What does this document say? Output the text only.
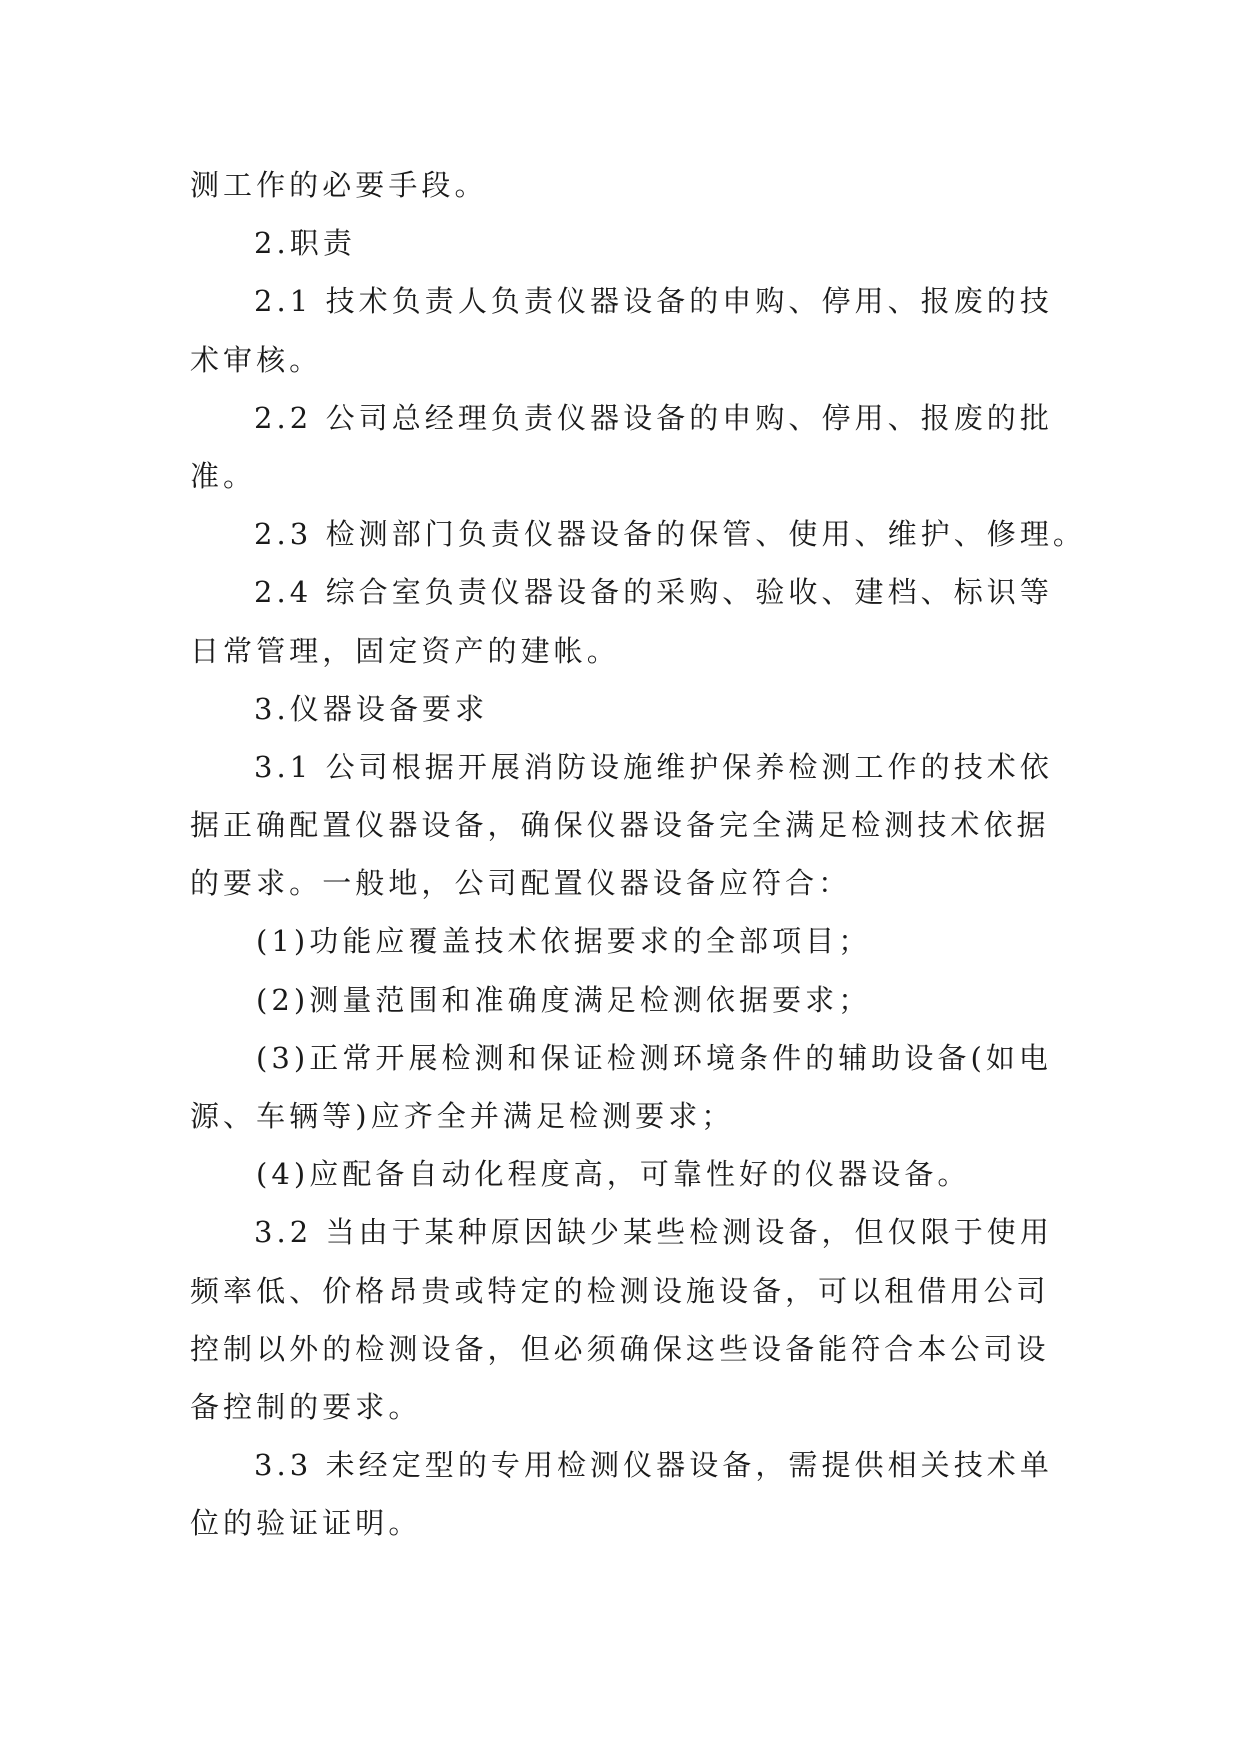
测工作的必要手段。
2.职责
2.1 技术负责人负责仪器设备的申购、停用、报废的技
术审核。
2.2 公司总经理负责仪器设备的申购、停用、报废的批
准。
2.3 检测部门负责仪器设备的保管、使用、维护、修理。
2.4 综合室负责仪器设备的采购、验收、建档、标识等
日常管理，固定资产的建帐。
3.仪器设备要求
3.1 公司根据开展消防设施维护保养检测工作的技术依
据正确配置仪器设备，确保仪器设备完全满足检测技术依据
的要求。一般地，公司配置仪器设备应符合：
(1)功能应覆盖技术依据要求的全部项目；
(2)测量范围和准确度满足检测依据要求；
(3)正常开展检测和保证检测环境条件的辅助设备(如电
源、车辆等)应齐全并满足检测要求；
(4)应配备自动化程度高，可靠性好的仪器设备。
3.2 当由于某种原因缺少某些检测设备，但仅限于使用
频率低、价格昂贵或特定的检测设施设备，可以租借用公司
控制以外的检测设备，但必须确保这些设备能符合本公司设
备控制的要求。
3.3 未经定型的专用检测仪器设备，需提供相关技术单
位的验证证明。
